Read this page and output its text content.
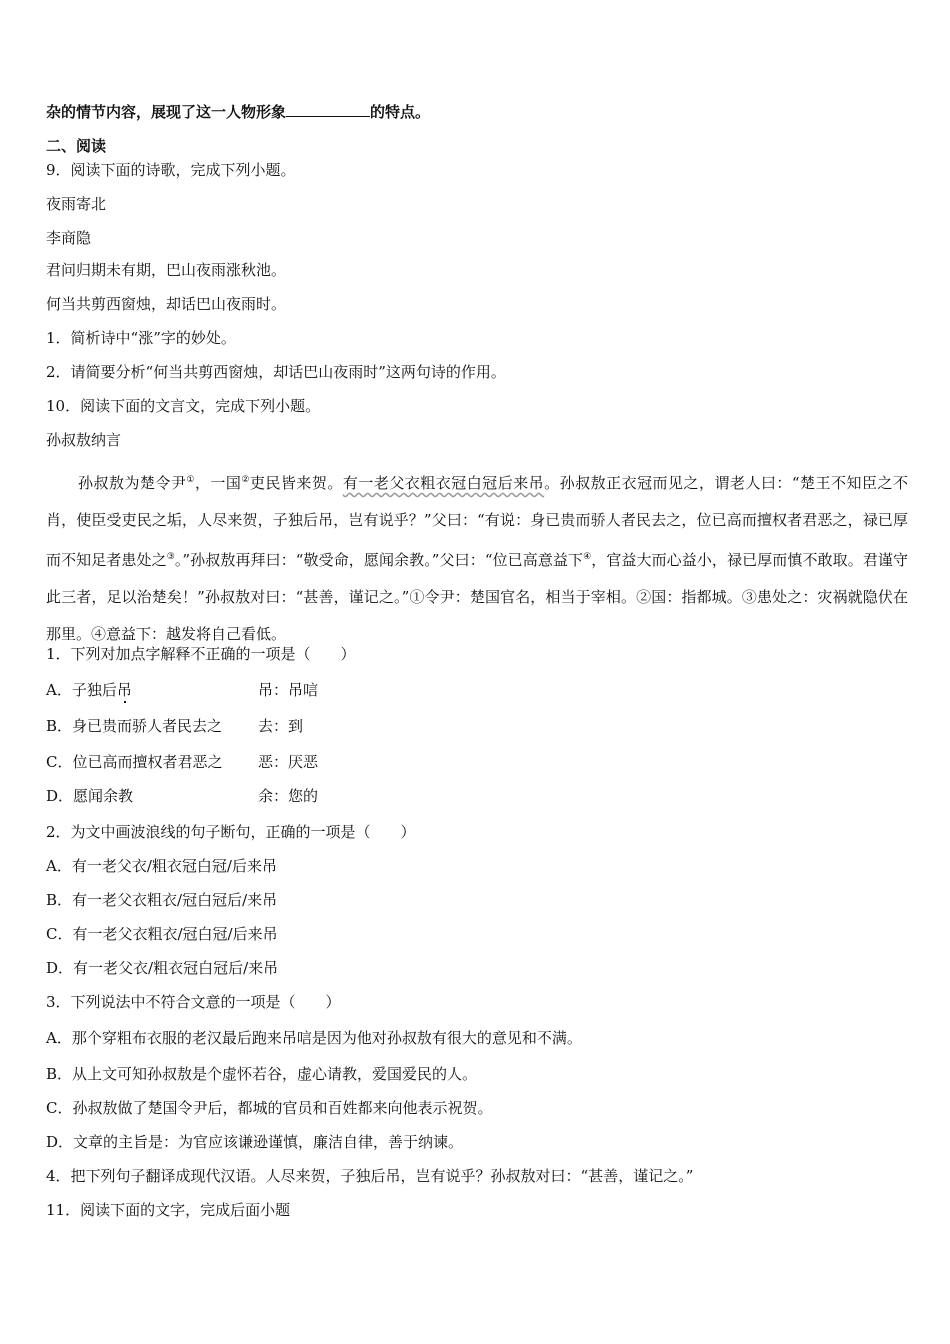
杂的情节内容，展现了这一人物形象	的特点。
二、阅读
9．阅读下面的诗歌，完成下列小题。
夜雨寄北
李商隐
君问归期未有期，巴山夜雨涨秋池。
何当共剪西窗烛，却话巴山夜雨时。
1．简析诗中“涨”字的妙处。
2．请简要分析“何当共剪西窗烛，却话巴山夜雨时”这两句诗的作用。
10．阅读下面的文言文，完成下列小题。
孙叔敖纳言
孙叔敖为楚令尹①，一国②吏民皆来贺。有一老父衣粗衣冠白冠后来吊。孙叔敖正衣冠而见之，谓老人曰：“楚王不知臣之不肖，使臣受吏民之垢，人尽来贺，子独后吊，岂有说乎？”父曰：“有说：身已贵而骄人者民去之，位已高而擅权者君恶之，禄已厚而不知足者患处之③。”孙叔敖再拜曰：“敬受命，愿闻余教。”父曰：“位已高意益下④，官益大而心益小，禄已厚而慎不敢取。君谨守此三者，足以治楚矣！”孙叔敖对曰：“甚善，谨记之。”①令尹：楚国官名，相当于宰相。②国：指都城。③患处之：灾祸就隐伏在那里。④意益下：越发将自己看低。
1．下列对加点字解释不正确的一项是（　　）
A．子独后吊	吊：吊唁
B．身已贵而骄人者民去之 去：到
C．位已高而擅权者君恶之 恶：厌恶
D．愿闻余教	余：您的
2．为文中画波浪线的句子断句，正确的一项是（　　）
A．有一老父衣/粗衣冠白冠/后来吊
B．有一老父衣粗衣/冠白冠后/来吊
C．有一老父衣粗衣/冠白冠/后来吊
D．有一老父衣/粗衣冠白冠后/来吊
3．下列说法中不符合文意的一项是（　　）
A．那个穿粗布衣服的老汉最后跑来吊唁是因为他对孙叔敖有很大的意见和不满。
B．从上文可知孙叔敖是个虚怀若谷，虚心请教，爱国爱民的人。
C．孙叔敖做了楚国令尹后，都城的官员和百姓都来向他表示祝贺。
D．文章的主旨是：为官应该谦逊谨慎，廉洁自律，善于纳谏。
4．把下列句子翻译成现代汉语。人尽来贺，子独后吊，岂有说乎？孙叔敖对曰：“甚善，谨记之。”
11．阅读下面的文字，完成后面小题
